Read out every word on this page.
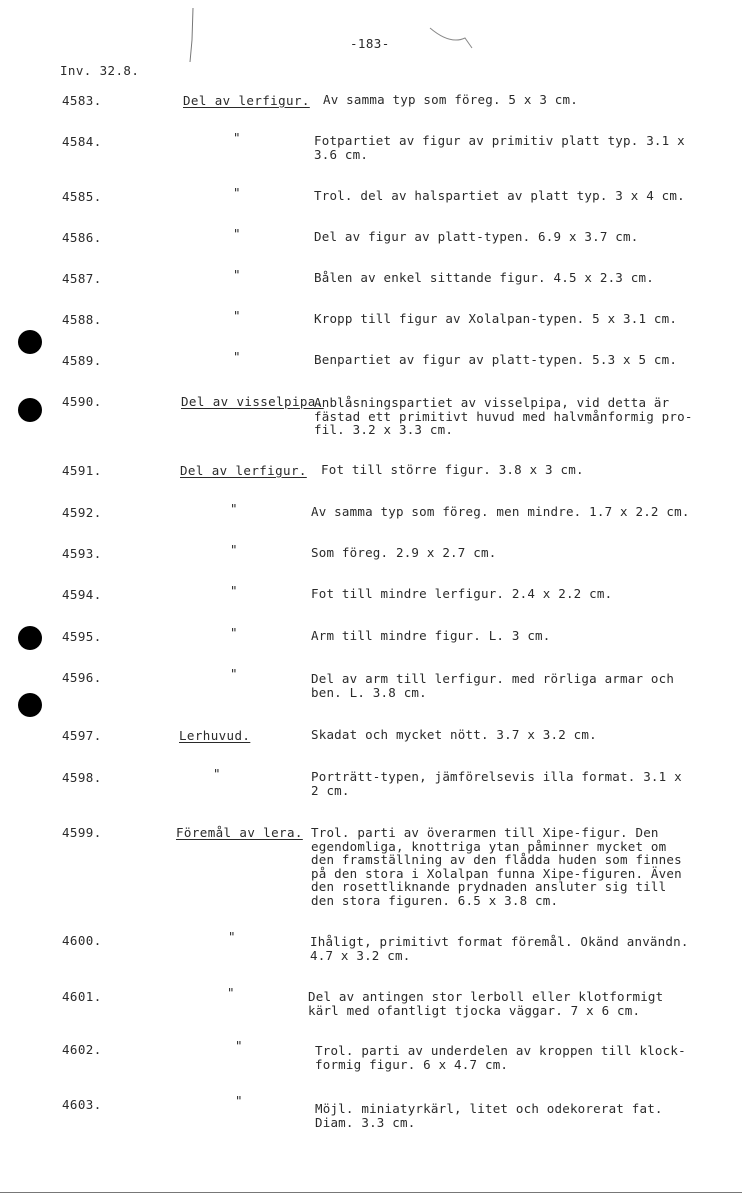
-183-
Inv. 32.8.
4583.	Del av lerfigur. Av samma typ som föreg. 5 x 3 cm.
4584.	"	Fotpartiet av figur av primitiv platt typ. 3.1 x
3.6 cm.
4585.	"	Trol. del av halspartiet av platt typ. 3 x 4 cm.
4586.	"	Del av figur av platt-typen. 6.9 x 3.7 cm.
4587.	"	Bålen av enkel sittande figur. 4.5 x 2.3 cm.
4588.	"	Kropp till figur av Xolalpan-typen. 5 x 3.1 cm.
4589.	"	Benpartiet av figur av platt-typen. 5.3 x 5 cm.
4590.	Del av visselpipa.
Anblåsningspartiet av visselpipa, vid detta är
fästad ett primitivt huvud med halvmånformig pro-
fil. 3.2 x 3.3 cm.
4591.	Del av lerfigur. Fot till större figur. 3.8 x 3 cm.
4592.	"	Av samma typ som föreg. men mindre. 1.7 x 2.2 cm.
4593.	"	Som föreg. 2.9 x 2.7 cm.
4594.	"	Fot till mindre lerfigur. 2.4 x 2.2 cm.
4595.	"	Arm till mindre figur. L. 3 cm.
4596.	"	Del av arm till lerfigur. med rörliga armar och
ben. L. 3.8 cm.
4597.	Lerhuvud.	Skadat och mycket nött. 3.7 x 3.2 cm.
4598.	"	Porträtt-typen, jämförelsevis illa format. 3.1 x
2 cm.
4599.	Föremål av lera. Trol. parti av överarmen till Xipe-figur. Den
egendomliga, knottriga ytan påminner mycket om
den framställning av den flådda huden som finnes
på den stora i Xolalpan funna Xipe-figuren. Även
den rosettliknande prydnaden ansluter sig till
den stora figuren. 6.5 x 3.8 cm.
4600.	"	Ihåligt, primitivt format föremål. Okänd användn.
4.7 x 3.2 cm.
4601.	"	Del av antingen stor lerboll eller klotformigt
kärl med ofantligt tjocka väggar. 7 x 6 cm.
4602.	"	Trol. parti av underdelen av kroppen till klock-
formig figur. 6 x 4.7 cm.
4603.	"
Möjl. miniatyrkärl, litet och odekorerat fat.
Diam. 3.3 cm.
